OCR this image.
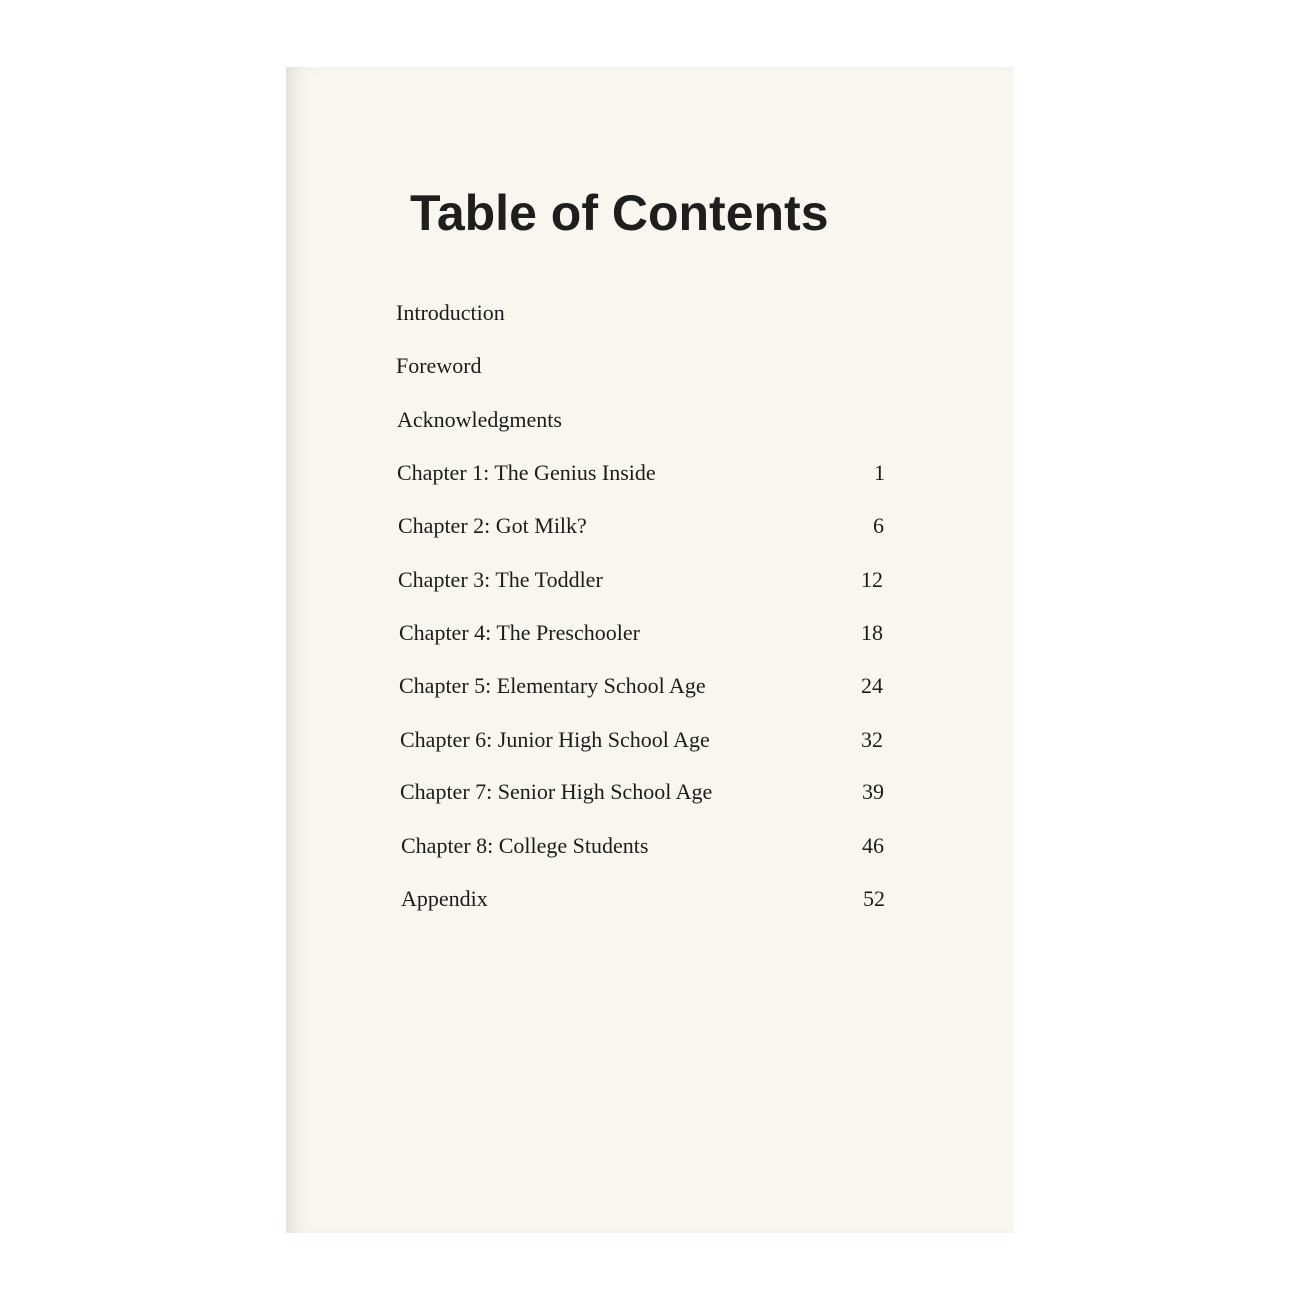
Table of Contents
Introduction
Foreword
Acknowledgments
Chapter 1: The Genius Inside	1
Chapter 2: Got Milk?	6
Chapter 3: The Toddler	12
Chapter 4: The Preschooler	18
Chapter 5: Elementary School Age	24
Chapter 6: Junior High School Age	32
Chapter 7: Senior High School Age	39
Chapter 8: College Students	46
Appendix	52
